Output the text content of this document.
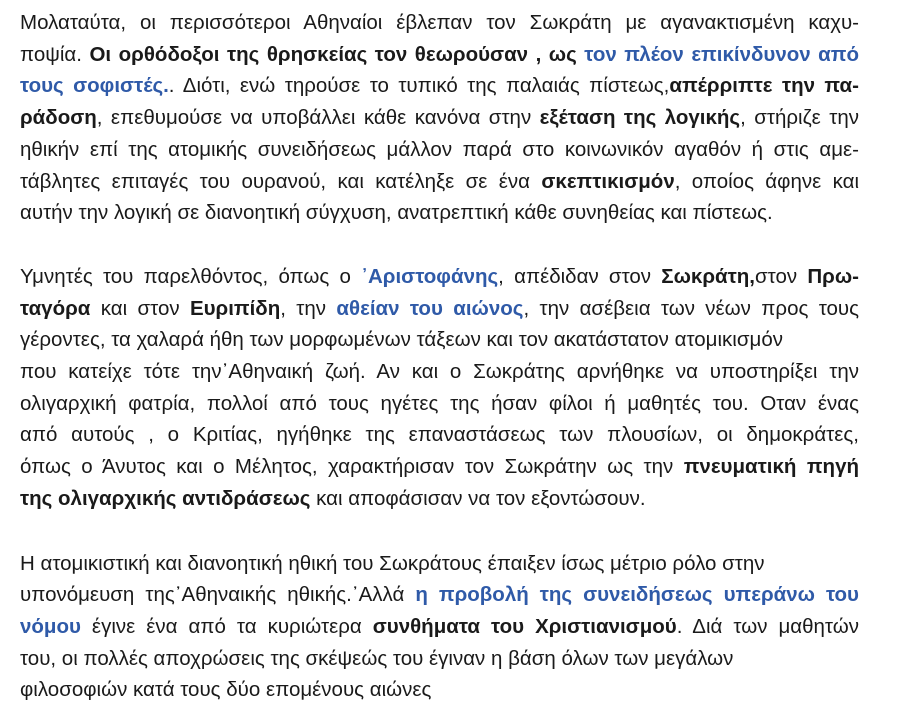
Μολαταύτα, οι περισσότεροι Αθηναίοι έβλεπαν τον Σωκράτη με αγανακτισμένη καχυ-
ποψία. Οι ορθόδοξοι της θρησκείας τον θεωρούσαν , ως τον πλέον επικίνδυνον από
τους σοφιστές.. Διότι, ενώ τηρούσε το τυπικό της παλαιάς πίστεως,απέρριπτε την πα-
ράδοση, επεθυμούσε να υποβάλλει κάθε κανόνα στην εξέταση της λογικής, στήριζε την
ηθικήν επί της ατομικής συνειδήσεως μάλλον παρά στο κοινωνικόν αγαθόν ή στις αμε-
τάβλητες επιταγές του ουρανού, και κατέληξε σε ένα σκεπτικισμόν, οποίος άφηνε και
αυτήν την λογική σε διανοητική σύγχυση, ανατρεπτική κάθε συνηθείας και πίστεως.
Υμνητές του παρελθόντος, όπως ο ᾽Αριστοφάνης, απέδιδαν στον Σωκράτη,στον Πρω-
ταγόρα και στον Ευριπίδη, την αθείαν του αιώνος, την ασέβεια των νέων προς τους
γέροντες, τα χαλαρά ήθη των μορφωμένων τάξεων και τον ακατάστατον ατομικισμόν
που κατείχε τότε την᾽Αθηναική ζωή. Αν και ο Σωκράτης αρνήθηκε να υποστηρίξει την
ολιγαρχική φατρία, πολλοί από τους ηγέτες της ήσαν φίλοι ή μαθητές του. Οταν ένας
από αυτούς , ο Κριτίας, ηγήθηκε της επαναστάσεως των πλουσίων, οι δημοκράτες,
όπως ο Άνυτος και ο Μέλητος, χαρακτήρισαν τον Σωκράτην ως την πνευματική πηγή
της ολιγαρχικής αντιδράσεως και αποφάσισαν να τον εξοντώσουν.
Η ατομικιστική και διανοητική ηθική του Σωκράτους έπαιξεν ίσως μέτριο ρόλο στην
υπονόμευση της᾽Αθηναικής ηθικής.᾽Αλλά η προβολή της συνειδήσεως υπεράνω του
νόμου έγινε ένα από τα κυριώτερα συνθήματα του Χριστιανισμού. Διά των μαθητών
του, οι πολλές αποχρώσεις της σκέψεώς του έγιναν η βάση όλων των μεγάλων
φιλοσοφιών κατά τους δύο επομένους αιώνες
